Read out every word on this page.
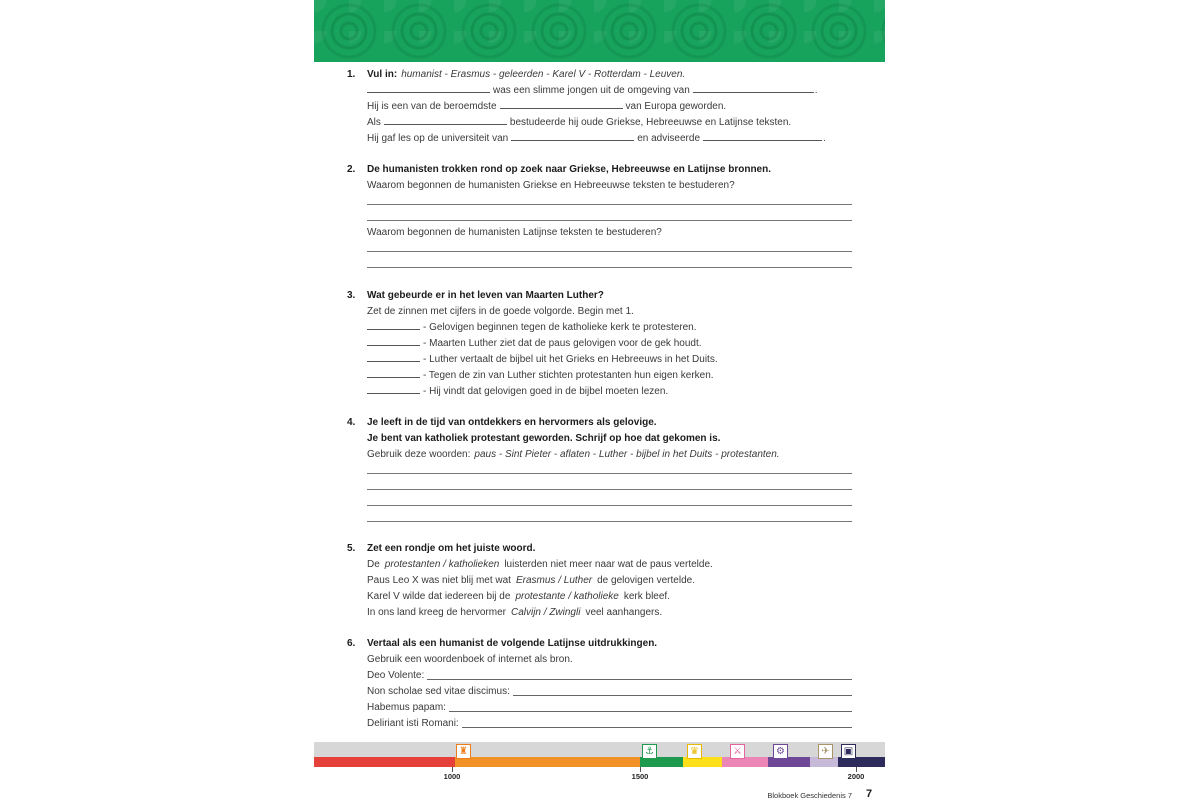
1. Vul in: humanist - Erasmus - geleerden - Karel V - Rotterdam - Leuven.
was een slimme jongen uit de omgeving van	.
Hij is een van de beroemdste	van Europa geworden.
Als	bestudeerde hij oude Griekse, Hebreeuwse en Latijnse teksten.
Hij gaf les op de universiteit van	en adviseerde	.
2. De humanisten trokken rond op zoek naar Griekse, Hebreeuwse en Latijnse bronnen.
Waarom begonnen de humanisten Griekse en Hebreeuwse teksten te bestuderen?
Waarom begonnen de humanisten Latijnse teksten te bestuderen?
3. Wat gebeurde er in het leven van Maarten Luther?
Zet de zinnen met cijfers in de goede volgorde. Begin met 1.
- Gelovigen beginnen tegen de katholieke kerk te protesteren.
- Maarten Luther ziet dat de paus gelovigen voor de gek houdt.
- Luther vertaalt de bijbel uit het Grieks en Hebreeuws in het Duits.
- Tegen de zin van Luther stichten protestanten hun eigen kerken.
- Hij vindt dat gelovigen goed in de bijbel moeten lezen.
4. Je leeft in de tijd van ontdekkers en hervormers als gelovige.
Je bent van katholiek protestant geworden. Schrijf op hoe dat gekomen is.
Gebruik deze woorden: paus - Sint Pieter - aflaten - Luther - bijbel in het Duits - protestanten.
5. Zet een rondje om het juiste woord.
De protestanten / katholieken luisterden niet meer naar wat de paus vertelde.
Paus Leo X was niet blij met wat Erasmus / Luther de gelovigen vertelde.
Karel V wilde dat iedereen bij de protestante / katholieke kerk bleef.
In ons land kreeg de hervormer Calvijn / Zwingli veel aanhangers.
6. Vertaal als een humanist de volgende Latijnse uitdrukkingen.
Gebruik een woordenboek of internet als bron.
Deo Volente:
Non scholae sed vitae discimus:
Habemus papam:
Deliriant isti Romani:
♜	⚓	♛	⚔	⚙	✈	▣
1000	1500	2000
Blokboek Geschiedenis 7 7
